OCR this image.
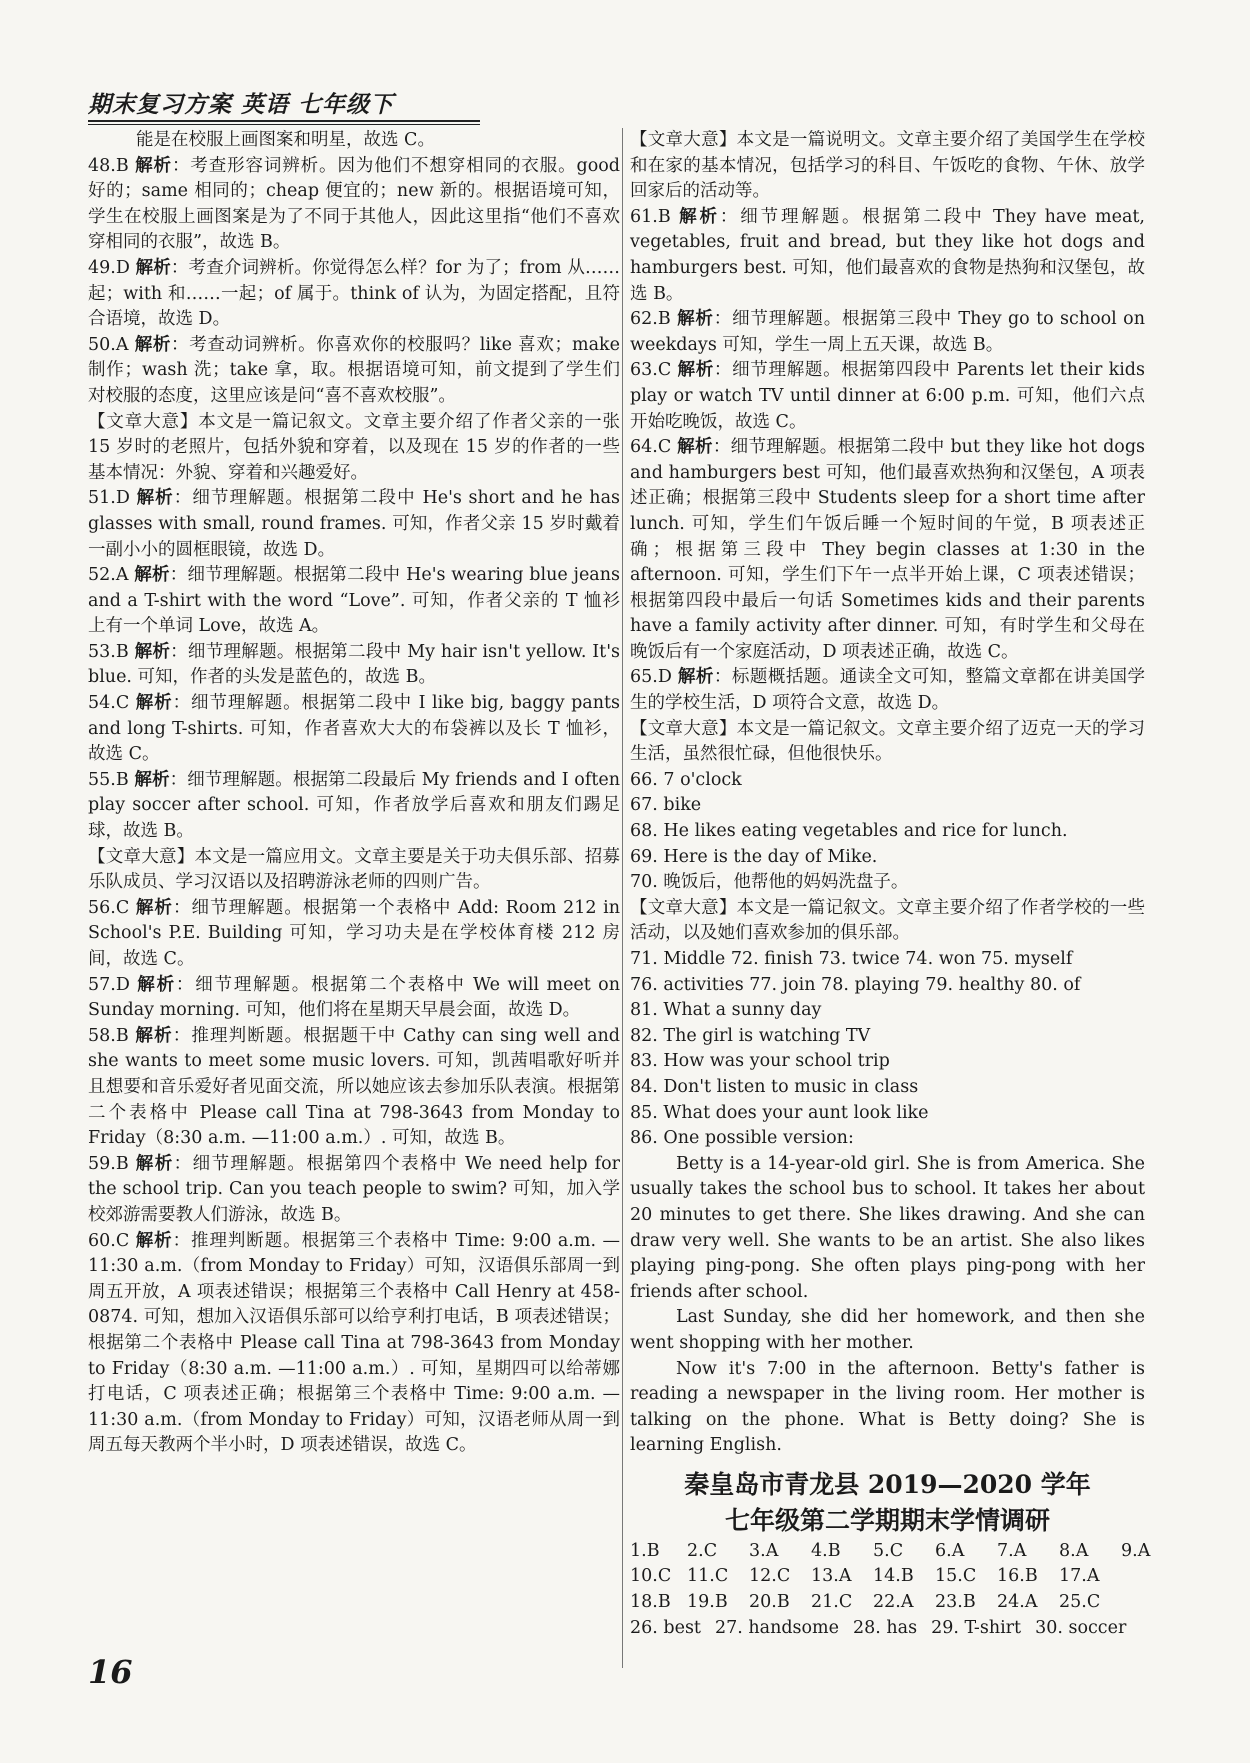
期末复习方案 英语 七年级下

能是在校服上画图案和明星，故选 C。

48.B 解析：考查形容词辨析。因为他们不想穿相同的衣服。good 好的；same 相同的；cheap 便宜的；new 新的。根据语境可知，学生在校服上画图案是为了不同于其他人，因此这里指“他们不喜欢穿相同的衣服”，故选 B。

49.D 解析：考查介词辨析。你觉得怎么样？for 为了；from 从……起；with 和……一起；of 属于。think of 认为，为固定搭配，且符合语境，故选 D。

50.A 解析：考查动词辨析。你喜欢你的校服吗？like 喜欢；make 制作；wash 洗；take 拿，取。根据语境可知，前文提到了学生们对校服的态度，这里应该是问“喜不喜欢校服”。

【文章大意】本文是一篇记叙文。文章主要介绍了作者父亲的一张 15 岁时的老照片，包括外貌和穿着，以及现在 15 岁的作者的一些基本情况：外貌、穿着和兴趣爱好。

51.D 解析：细节理解题。根据第二段中 He's short and he has glasses with small, round frames. 可知，作者父亲 15 岁时戴着一副小小的圆框眼镜，故选 D。

52.A 解析：细节理解题。根据第二段中 He's wearing blue jeans and a T-shirt with the word “Love”. 可知，作者父亲的 T 恤衫上有一个单词 Love，故选 A。

53.B 解析：细节理解题。根据第二段中 My hair isn't yellow. It's blue. 可知，作者的头发是蓝色的，故选 B。

54.C 解析：细节理解题。根据第二段中 I like big, baggy pants and long T-shirts. 可知，作者喜欢大大的布袋裤以及长 T 恤衫，故选 C。

55.B 解析：细节理解题。根据第二段最后 My friends and I often play soccer after school. 可知，作者放学后喜欢和朋友们踢足球，故选 B。

【文章大意】本文是一篇应用文。文章主要是关于功夫俱乐部、招募乐队成员、学习汉语以及招聘游泳老师的四则广告。

56.C 解析：细节理解题。根据第一个表格中 Add: Room 212 in School's P.E. Building 可知，学习功夫是在学校体育楼 212 房间，故选 C。

57.D 解析：细节理解题。根据第二个表格中 We will meet on Sunday morning. 可知，他们将在星期天早晨会面，故选 D。

58.B 解析：推理判断题。根据题干中 Cathy can sing well and she wants to meet some music lovers. 可知，凯茜唱歌好听并且想要和音乐爱好者见面交流，所以她应该去参加乐队表演。根据第二个表格中 Please call Tina at 798-3643 from Monday to Friday（8:30 a.m. —11:00 a.m.）. 可知，故选 B。

59.B 解析：细节理解题。根据第四个表格中 We need help for the school trip. Can you teach people to swim? 可知，加入学校郊游需要教人们游泳，故选 B。

60.C 解析：推理判断题。根据第三个表格中 Time: 9:00 a.m. —11:30 a.m.（from Monday to Friday）可知，汉语俱乐部周一到周五开放，A 项表述错误；根据第三个表格中 Call Henry at 458-0874. 可知，想加入汉语俱乐部可以给亨利打电话，B 项表述错误；根据第二个表格中 Please call Tina at 798-3643 from Monday to Friday（8:30 a.m. —11:00 a.m.）. 可知，星期四可以给蒂娜打电话，C 项表述正确；根据第三个表格中 Time: 9:00 a.m. —11:30 a.m.（from Monday to Friday）可知，汉语老师从周一到周五每天教两个半小时，D 项表述错误，故选 C。

【文章大意】本文是一篇说明文。文章主要介绍了美国学生在学校和在家的基本情况，包括学习的科目、午饭吃的食物、午休、放学回家后的活动等。

61.B 解析：细节理解题。根据第二段中 They have meat, vegetables, fruit and bread, but they like hot dogs and hamburgers best. 可知，他们最喜欢的食物是热狗和汉堡包，故选 B。

62.B 解析：细节理解题。根据第三段中 They go to school on weekdays 可知，学生一周上五天课，故选 B。

63.C 解析：细节理解题。根据第四段中 Parents let their kids play or watch TV until dinner at 6:00 p.m. 可知，他们六点开始吃晚饭，故选 C。

64.C 解析：细节理解题。根据第二段中 but they like hot dogs and hamburgers best 可知，他们最喜欢热狗和汉堡包，A 项表述正确；根据第三段中 Students sleep for a short time after lunch. 可知，学生们午饭后睡一个短时间的午觉，B 项表述正确；根据第三段中 They begin classes at 1:30 in the afternoon. 可知，学生们下午一点半开始上课，C 项表述错误；根据第四段中最后一句话 Sometimes kids and their parents have a family activity after dinner. 可知，有时学生和父母在晚饭后有一个家庭活动，D 项表述正确，故选 C。

65.D 解析：标题概括题。通读全文可知，整篇文章都在讲美国学生的学校生活，D 项符合文意，故选 D。

【文章大意】本文是一篇记叙文。文章主要介绍了迈克一天的学习生活，虽然很忙碌，但他很快乐。

66. 7 o'clock

67. bike

68. He likes eating vegetables and rice for lunch.

69. Here is the day of Mike.

70. 晚饭后，他帮他的妈妈洗盘子。

【文章大意】本文是一篇记叙文。文章主要介绍了作者学校的一些活动，以及她们喜欢参加的俱乐部。

71. Middle 72. finish 73. twice 74. won 75. myself

76. activities 77. join 78. playing 79. healthy 80. of

81. What a sunny day

82. The girl is watching TV

83. How was your school trip

84. Don't listen to music in class

85. What does your aunt look like

86. One possible version:

Betty is a 14-year-old girl. She is from America. She usually takes the school bus to school. It takes her about 20 minutes to get there. She likes drawing. And she can draw very well. She wants to be an artist. She also likes playing ping-pong. She often plays ping-pong with her friends after school.

Last Sunday, she did her homework, and then she went shopping with her mother.

Now it's 7:00 in the afternoon. Betty's father is reading a newspaper in the living room. Her mother is talking on the phone. What is Betty doing? She is learning English.

秦皇岛市青龙县 2019—2020 学年
七年级第二学期期末学情调研
1.B	2.C	3.A	4.B	5.C	6.A	7.A	8.A	9.A
10.C 11.C	12.C	13.A	14.B	15.C	16.B	17.A
18.B 19.B	20.B	21.C	22.A	23.B	24.A	25.C
26. best 27. handsome 28. has 29. T-shirt 30. soccer
16
